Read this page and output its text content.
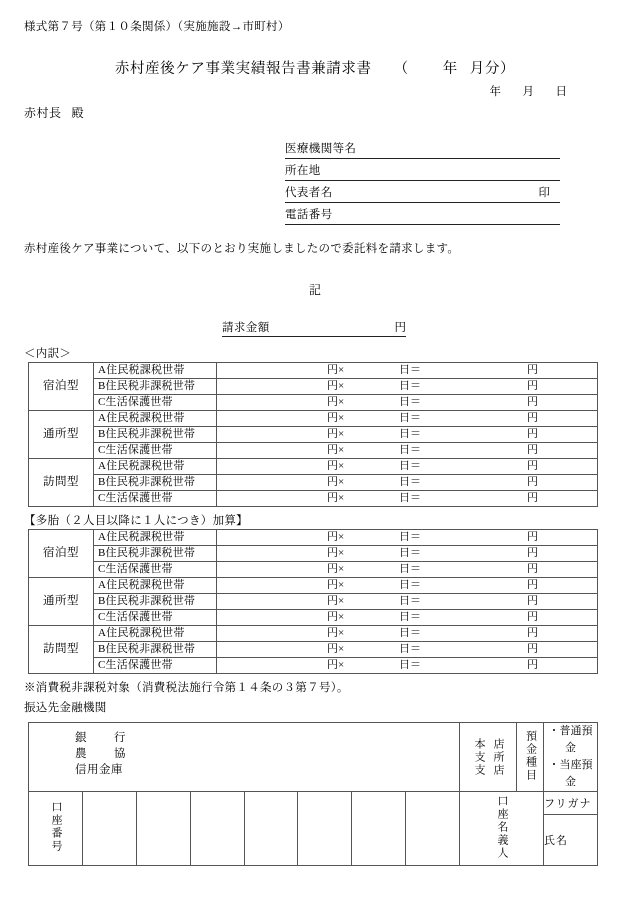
様式第７号（第１０条関係）（実施施設→市町村）
赤村産後ケア事業実績報告書兼請求書 （ 年 月分）
年　月　日
赤村長 殿
医療機関等名
所在地
代表者名	印
電話番号
赤村産後ケア事業について、以下のとおり実施しましたので委託料を請求します。
記
請求金額	円
＜内訳＞
宿泊型	A住民税課税世帯	円× 日＝ 円

	B住民税非課税世帯	円× 日＝ 円

	C生活保護世帯	円× 日＝ 円

通所型	A住民税課税世帯	円× 日＝ 円

	B住民税非課税世帯	円× 日＝ 円

	C生活保護世帯	円× 日＝ 円

訪問型	A住民税課税世帯	円× 日＝ 円

	B住民税非課税世帯	円× 日＝ 円

	C生活保護世帯	円× 日＝ 円
【多胎（２人目以降に１人につき）加算】
宿泊型	A住民税課税世帯	円× 日＝ 円

	B住民税非課税世帯	円× 日＝ 円

	C生活保護世帯	円× 日＝ 円

通所型	A住民税課税世帯	円× 日＝ 円

	B住民税非課税世帯	円× 日＝ 円

	C生活保護世帯	円× 日＝ 円

訪問型	A住民税課税世帯	円× 日＝ 円

	B住民税非課税世帯	円× 日＝ 円

	C生活保護世帯	円× 日＝ 円
※消費税非課税対象（消費税法施行令第１４条の３第７号）。
振込先金融機関
銀　行
農　協
信用金庫	本支支 店所店	預金種目	・普通預金
・当座預金

口座番号								口座名義人		フリガナ
										氏名
